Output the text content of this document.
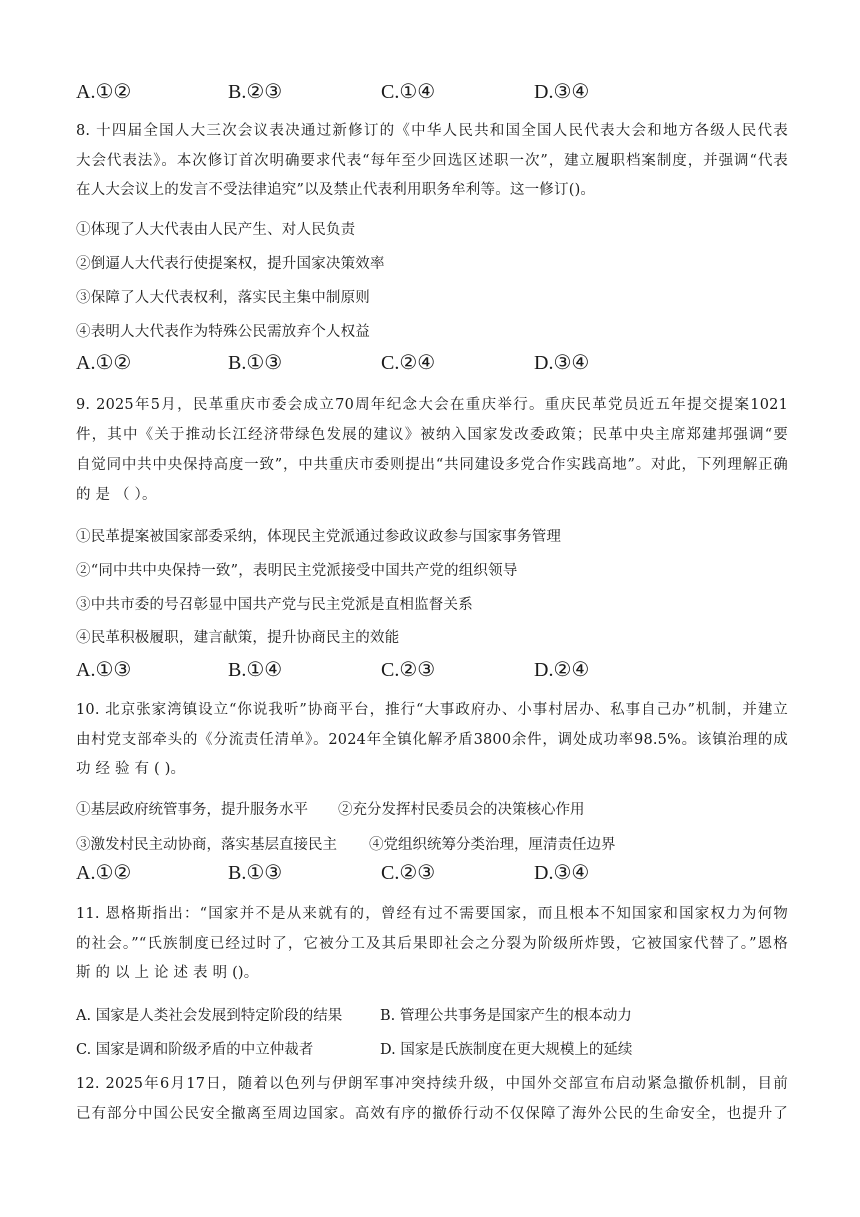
A.①②	B.②③	C.①④	D.③④
8. 十四届全国人大三次会议表决通过新修订的《中华人民共和国全国人民代表大会和地方各级人民代表
大会代表法》。本次修订首次明确要求代表“每年至少回选区述职一次”，建立履职档案制度，并强调“代表
在人大会议上的发言不受法律追究”以及禁止代表利用职务牟利等。这一修订()。
①体现了人大代表由人民产生、对人民负责
②倒逼人大代表行使提案权，提升国家决策效率
③保障了人大代表权利，落实民主集中制原则
④表明人大代表作为特殊公民需放弃个人权益
A.①②	B.①③	C.②④	D.③④
9. 2025年5月，民革重庆市委会成立70周年纪念大会在重庆举行。重庆民革党员近五年提交提案1021
件，其中《关于推动长江经济带绿色发展的建议》被纳入国家发改委政策；民革中央主席郑建邦强调“要
自觉同中共中央保持高度一致”，中共重庆市委则提出“共同建设多党合作实践高地”。对此，下列理解正确
的 是 （ ）。
①民革提案被国家部委采纳，体现民主党派通过参政议政参与国家事务管理
②“同中共中央保持一致”，表明民主党派接受中国共产党的组织领导
③中共市委的号召彰显中国共产党与民主党派是直相监督关系
④民革积极履职，建言献策，提升协商民主的效能
A.①③	B.①④	C.②③	D.②④
10. 北京张家湾镇设立“你说我听”协商平台，推行“大事政府办、小事村居办、私事自己办”机制，并建立
由村党支部牵头的《分流责任清单》。2024年全镇化解矛盾3800余件，调处成功率98.5%。该镇治理的成
功 经 验 有 ( )。
①基层政府统管事务，提升服务水平 ②充分发挥村民委员会的决策核心作用
③激发村民主动协商，落实基层直接民主 ④党组织统筹分类治理，厘清责任边界
A.①②	B.①③	C.②③	D.③④
11. 恩格斯指出：“国家并不是从来就有的，曾经有过不需要国家，而且根本不知国家和国家权力为何物
的社会。”“氏族制度已经过时了，它被分工及其后果即社会之分裂为阶级所炸毁，它被国家代替了。”恩格
斯 的 以 上 论 述 表 明 ()。
A. 国家是人类社会发展到特定阶段的结果	B. 管理公共事务是国家产生的根本动力
C. 国家是调和阶级矛盾的中立仲裁者	D. 国家是氏族制度在更大规模上的延续
12. 2025年6月17日，随着以色列与伊朗军事冲突持续升级，中国外交部宣布启动紧急撤侨机制，目前
已有部分中国公民安全撤离至周边国家。高效有序的撤侨行动不仅保障了海外公民的生命安全，也提升了
